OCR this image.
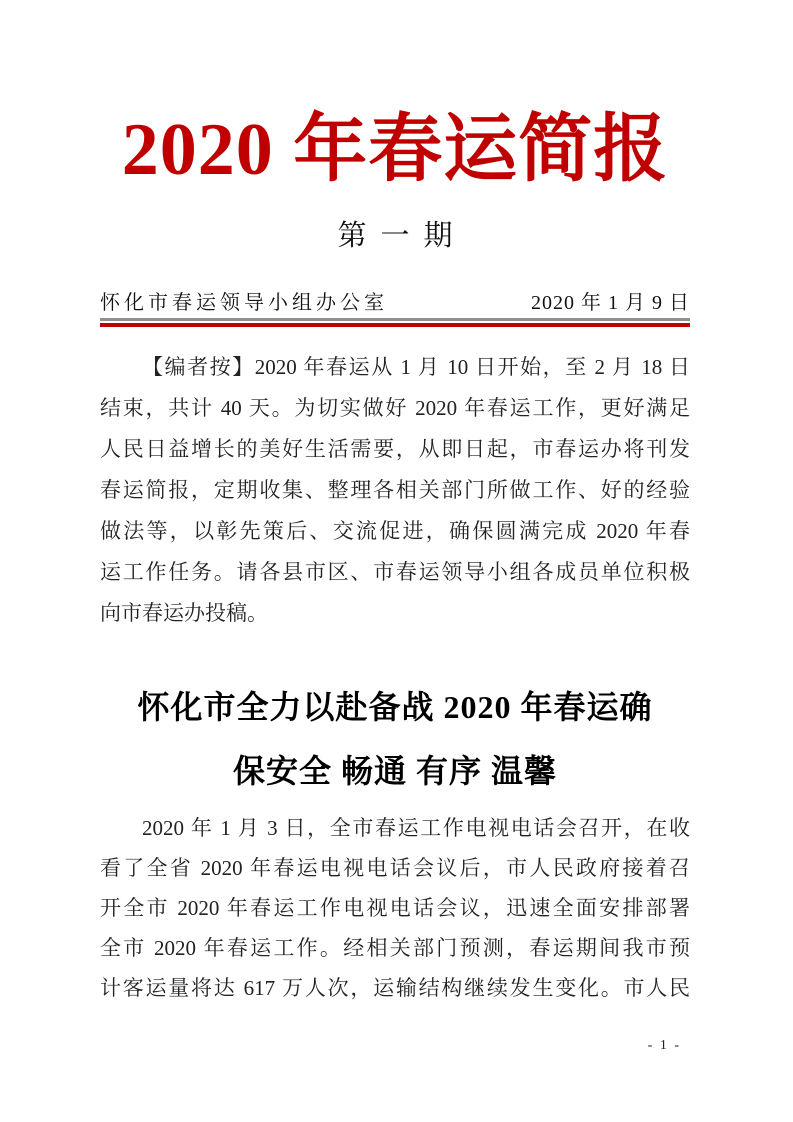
2020 年春运简报
第一期
怀化市春运领导小组办公室	2020 年 1 月 9 日
【编者按】2020 年春运从 1 月 10 日开始，至 2 月 18 日
结束，共计 40 天。为切实做好 2020 年春运工作，更好满足
人民日益增长的美好生活需要，从即日起，市春运办将刊发
春运简报，定期收集、整理各相关部门所做工作、好的经验
做法等，以彰先策后、交流促进，确保圆满完成 2020 年春
运工作任务。请各县市区、市春运领导小组各成员单位积极
向市春运办投稿。
怀化市全力以赴备战 2020 年春运确
保安全 畅通 有序 温馨
2020 年 1 月 3 日，全市春运工作电视电话会召开，在收
看了全省 2020 年春运电视电话会议后，市人民政府接着召
开全市 2020 年春运工作电视电话会议，迅速全面安排部署
全市 2020 年春运工作。经相关部门预测，春运期间我市预
计客运量将达 617 万人次，运输结构继续发生变化。市人民
- 1 -
